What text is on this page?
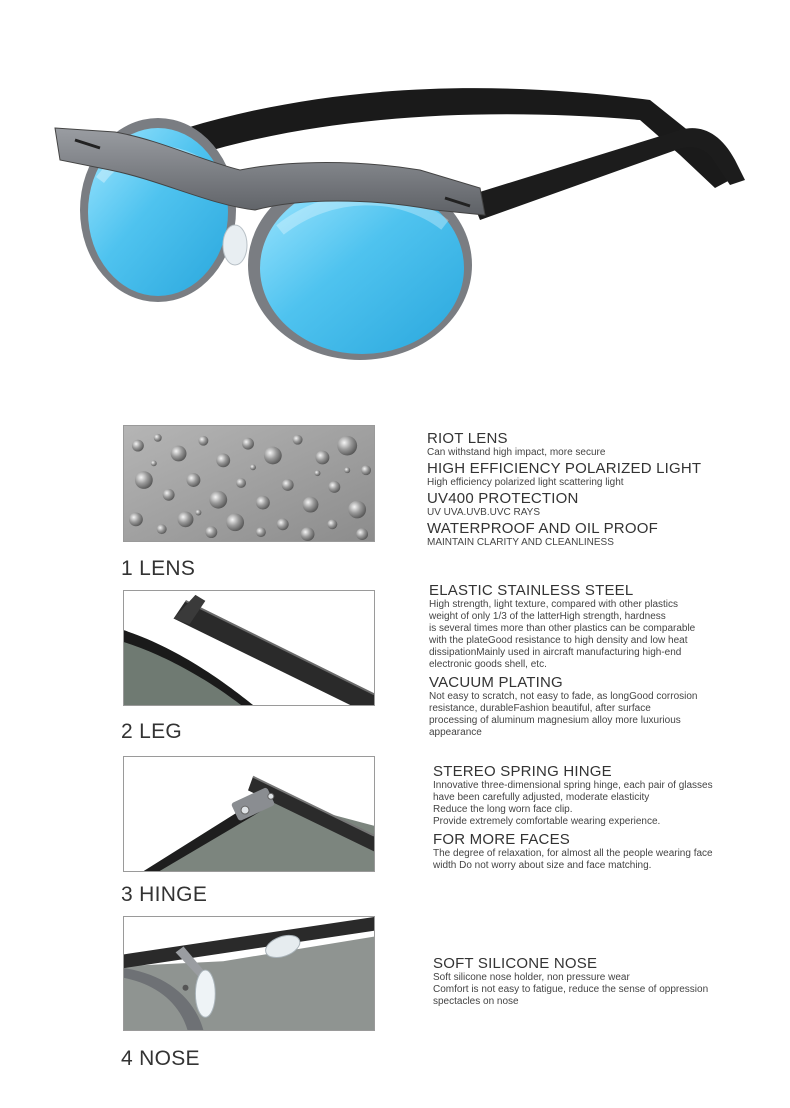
1 LENS
RIOT LENS
Can withstand high impact, more secure
HIGH EFFICIENCY POLARIZED LIGHT
High efficiency polarized light scattering light
UV400 PROTECTION
UV UVA.UVB.UVC RAYS
WATERPROOF AND OIL PROOF
MAINTAIN CLARITY AND CLEANLINESS
2 LEG
ELASTIC STAINLESS STEEL
High strength, light texture, compared with other plastics
weight of only 1/3 of the latterHigh strength, hardness
is several times more than other plastics can be comparable
with the plateGood resistance to high density and low heat
dissipationMainly used in aircraft manufacturing high-end
electronic goods shell, etc.
VACUUM PLATING
Not easy to scratch, not easy to fade, as longGood corrosion
resistance, durableFashion beautiful, after surface
processing of aluminum magnesium alloy more luxurious
appearance
3 HINGE
STEREO SPRING HINGE
Innovative three-dimensional spring hinge, each pair of glasses
have been carefully adjusted, moderate elasticity
Reduce the long worn face clip.
Provide extremely comfortable wearing experience.
FOR MORE FACES
The degree of relaxation, for almost all the people wearing face
width Do not worry about size and face matching.
4 NOSE
SOFT SILICONE NOSE
Soft silicone nose holder, non pressure wear
Comfort is not easy to fatigue, reduce the sense of oppression
spectacles on nose
